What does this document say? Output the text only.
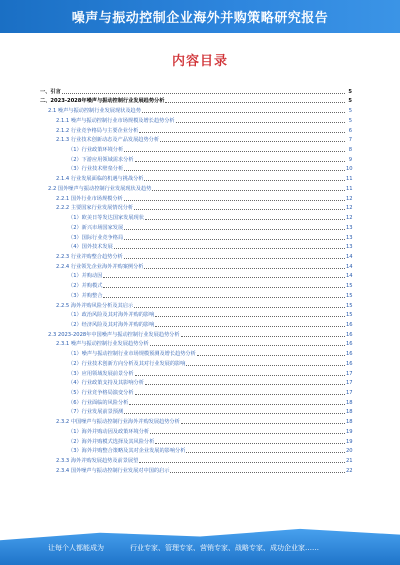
噪声与振动控制企业海外并购策略研究报告
内容目录
一、引言	5
二、2023-2028年噪声与振动控制行业发展趋势分析	5
2.1 噪声与振动控制行业发展现状及趋势	5
2.1.1 噪声与振动控制行业市场规模及增长趋势分析	5
2.1.2 行业竞争格局与主要企业分析	6
2.1.3 行业技术创新动态及产品发展趋势分析	7
（1）行业政策环境分析	8
（2）下游应用领域需求分析	9
（3）行业技术壁垒分析	10
2.1.4 行业发展面临的机遇与挑战分析	11
2.2 国外噪声与振动控制行业发展现状及趋势	11
2.2.1 国外行业市场规模分析	12
2.2.2 主要国家行业发展情况分析	12
（1）欧美日等发达国家发展现状	12
（2）新兴市场国家发展	13
（3）国际行业竞争格局	13
（4）国外技术发展	13
2.2.3 行业并购整合趋势分析	14
2.2.4 行业领先企业海外并购案例分析	14
（1）并购动因	14
（2）并购模式	15
（3）并购整合	15
2.2.5 海外并购风险分析及其启示	15
（1）政治风险及其对海外并购的影响	15
（2）经济风险及其对海外并购的影响	16
2.3 2023-2028年中国噪声与振动控制行业发展趋势分析	16
2.3.1 噪声与振动控制行业发展趋势分析	16
（1）噪声与振动控制行业市场规模预测及增长趋势分析	16
（2）行业技术创新方向分析及其对行业发展的影响	16
（3）应用领域发展前景分析	17
（4）行业政策支持及其影响分析	17
（5）行业竞争格局演变分析	17
（6）行业面临的风险分析	18
（7）行业发展前景预测	18
2.3.2 中国噪声与振动控制行业海外并购发展趋势分析	18
（1）海外并购动因及政策环境分析	19
（2）海外并购模式选择及其风险分析	19
（3）海外并购整合策略及其对企业发展的影响分析	20
2.3.3 海外并购发展趋势及前景展望	21
2.3.4 国外噪声与振动控制行业发展对中国的启示	22
让每个人都能成为	行业专家、管理专家、营销专家、战略专家、成功企业家……
